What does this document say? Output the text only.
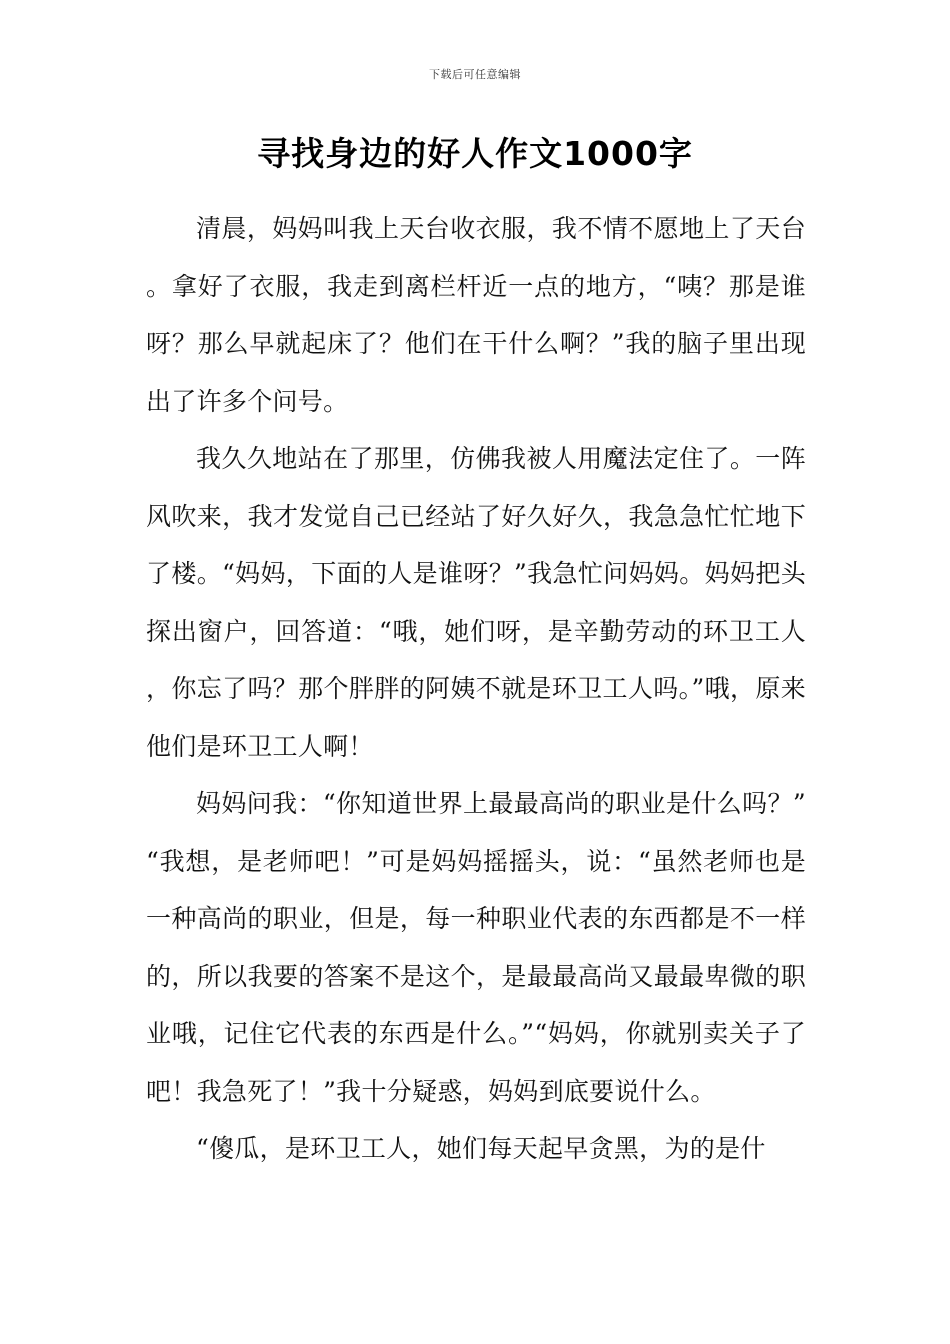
下载后可任意编辑
寻找身边的好人作文1000字

清晨，妈妈叫我上天台收衣服，我不情不愿地上了天台。拿好了衣服，我走到离栏杆近一点的地方，“咦？那是谁呀？那么早就起床了？他们在干什么啊？”我的脑子里出现出了许多个问号。

我久久地站在了那里，仿佛我被人用魔法定住了。一阵风吹来，我才发觉自己已经站了好久好久，我急急忙忙地下了楼。“妈妈，下面的人是谁呀？”我急忙问妈妈。妈妈把头探出窗户，回答道：“哦，她们呀，是辛勤劳动的环卫工人，你忘了吗？那个胖胖的阿姨不就是环卫工人吗。”哦，原来他们是环卫工人啊！

妈妈问我：“你知道世界上最最高尚的职业是什么吗？”“我想，是老师吧！”可是妈妈摇摇头，说：“虽然老师也是一种高尚的职业，但是，每一种职业代表的东西都是不一样的，所以我要的答案不是这个，是最最高尚又最最卑微的职业哦，记住它代表的东西是什么。”“妈妈，你就别卖关子了吧！我急死了！”我十分疑惑，妈妈到底要说什么。

“傻瓜，是环卫工人，她们每天起早贪黑，为的是什
